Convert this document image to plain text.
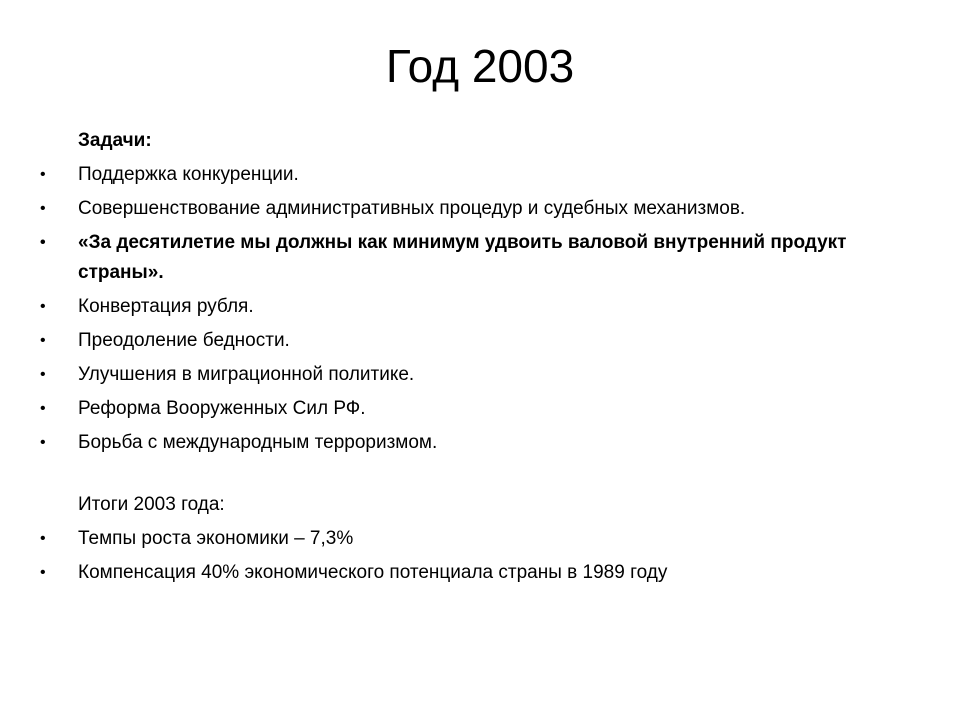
Год 2003
Задачи:
•	Поддержка конкуренции.
•	Совершенствование административных процедур и судебных механизмов.
•	«За десятилетие мы должны как минимум удвоить валовой внутренний продукт страны».
•	Конвертация рубля.
•	Преодоление бедности.
•	Улучшения в миграционной политике.
•	Реформа Вооруженных Сил РФ.
•	Борьба с международным терроризмом.
Итоги 2003 года:
•	Темпы роста экономики – 7,3%
•	Компенсация 40% экономического потенциала страны в 1989 году
